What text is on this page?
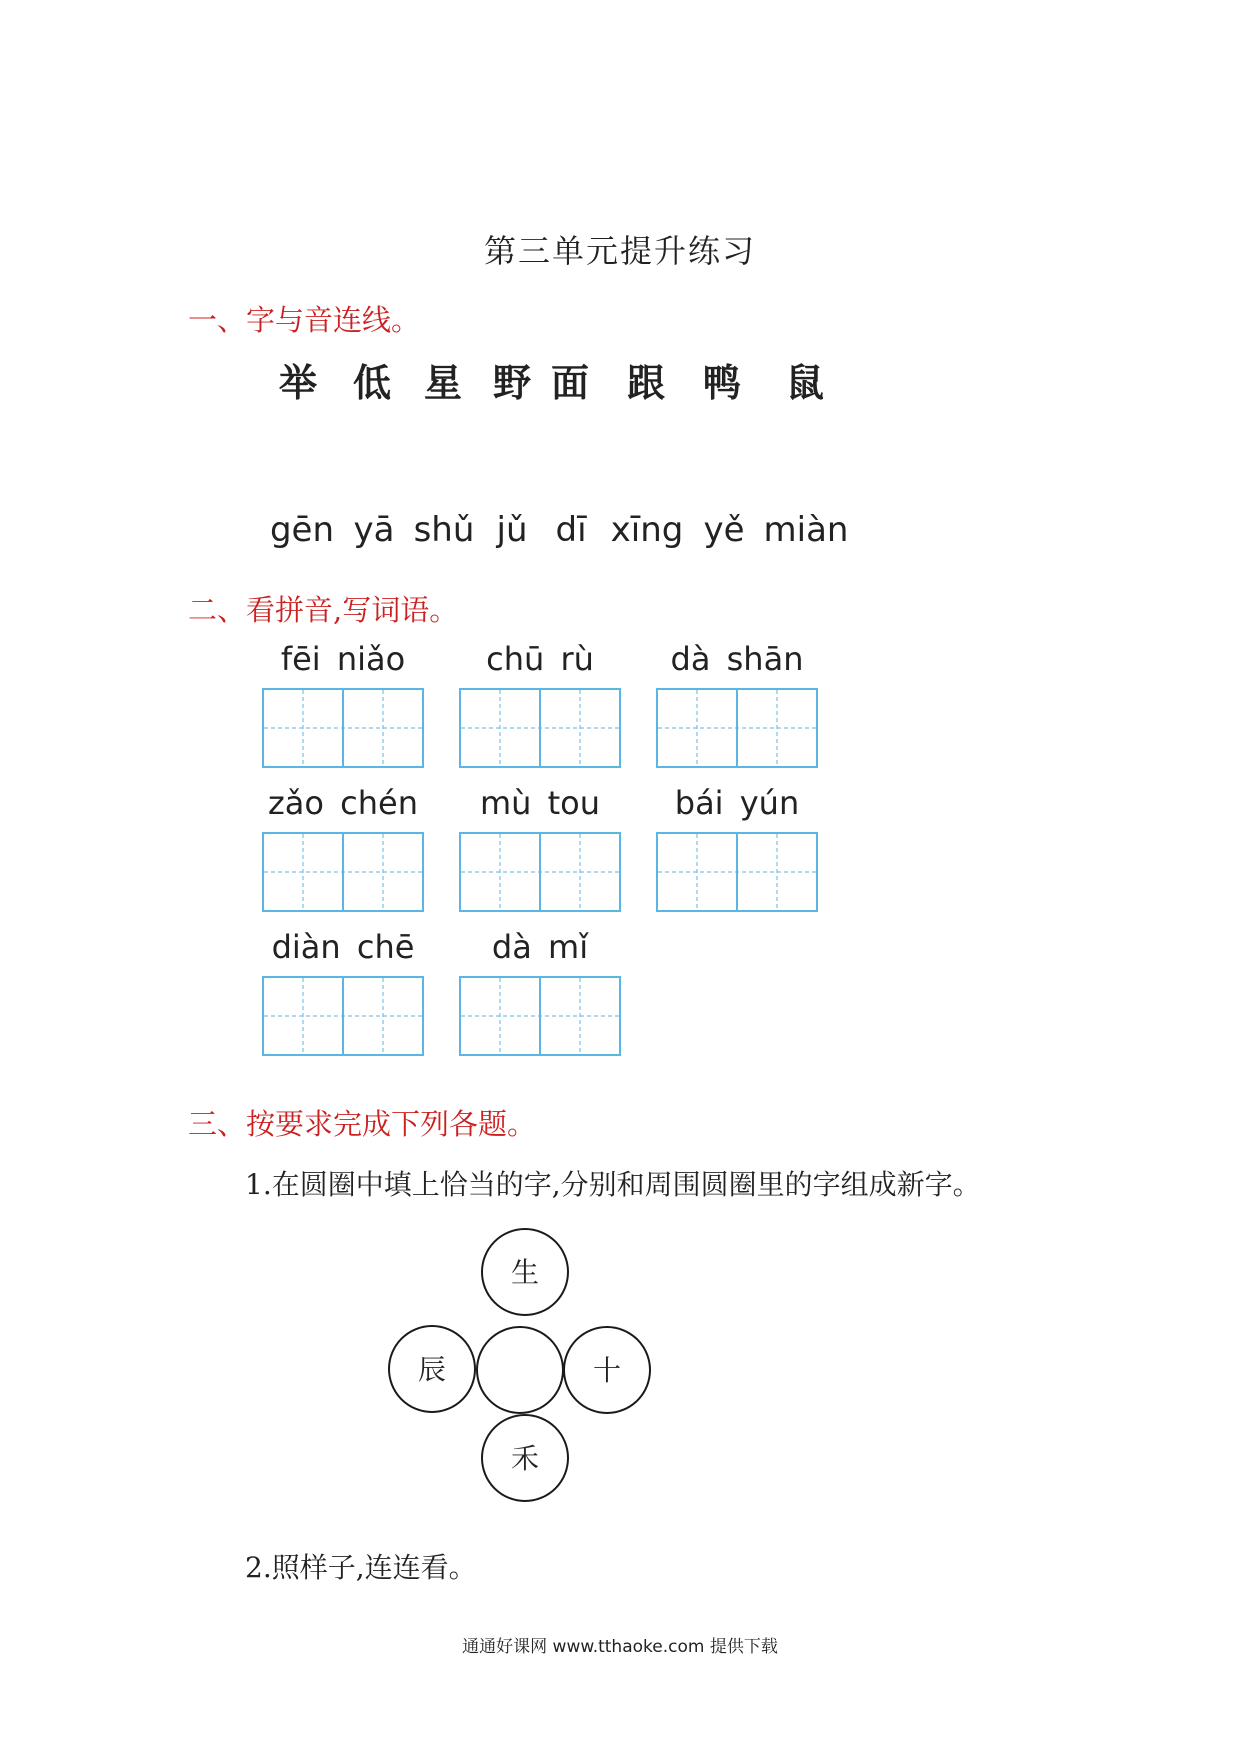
第三单元提升练习
一、字与音连线。
举 低 星 野 面 跟 鸭 鼠
gēn yā shǔ jǔ dī xīng yě miàn
二、看拼音,写词语。
fēi niǎo	chū rù	dà shān
zǎo chén	mù tou	bái yún
diàn chē	dà mǐ
三、按要求完成下列各题。
1.在圆圈中填上恰当的字,分别和周围圆圈里的字组成新字。
生
辰	十
禾
2.照样子,连连看。
通通好课网 www.tthaoke.com 提供下载
